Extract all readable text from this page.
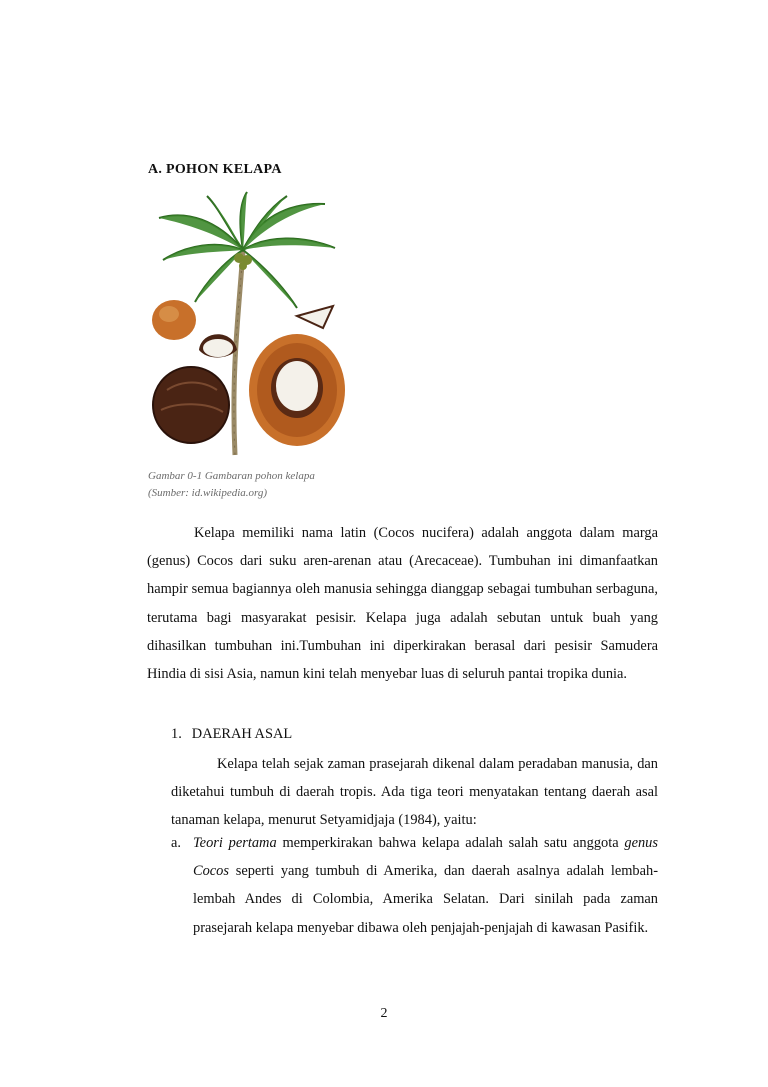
A. POHON KELAPA
Gambar 0-1 Gambaran pohon kelapa
(Sumber: id.wikipedia.org)

Kelapa memiliki nama latin (Cocos nucifera) adalah anggota dalam marga (genus) Cocos dari suku aren-arenan atau (Arecaceae). Tumbuhan ini dimanfaatkan hampir semua bagiannya oleh manusia sehingga dianggap sebagai tumbuhan serbaguna, terutama bagi masyarakat pesisir. Kelapa juga adalah sebutan untuk buah yang dihasilkan tumbuhan ini.Tumbuhan ini diperkirakan berasal dari pesisir Samudera Hindia di sisi Asia, namun kini telah menyebar luas di seluruh pantai tropika dunia.

1. DAERAH ASAL

Kelapa telah sejak zaman prasejarah dikenal dalam peradaban manusia, dan diketahui tumbuh di daerah tropis. Ada tiga teori menyatakan tentang daerah asal tanaman kelapa, menurut Setyamidjaja (1984), yaitu:

a. Teori pertama memperkirakan bahwa kelapa adalah salah satu anggota genus Cocos seperti yang tumbuh di Amerika, dan daerah asalnya adalah lembah-lembah Andes di Colombia, Amerika Selatan. Dari sinilah pada zaman prasejarah kelapa menyebar dibawa oleh penjajah-penjajah di kawasan Pasifik.

2
